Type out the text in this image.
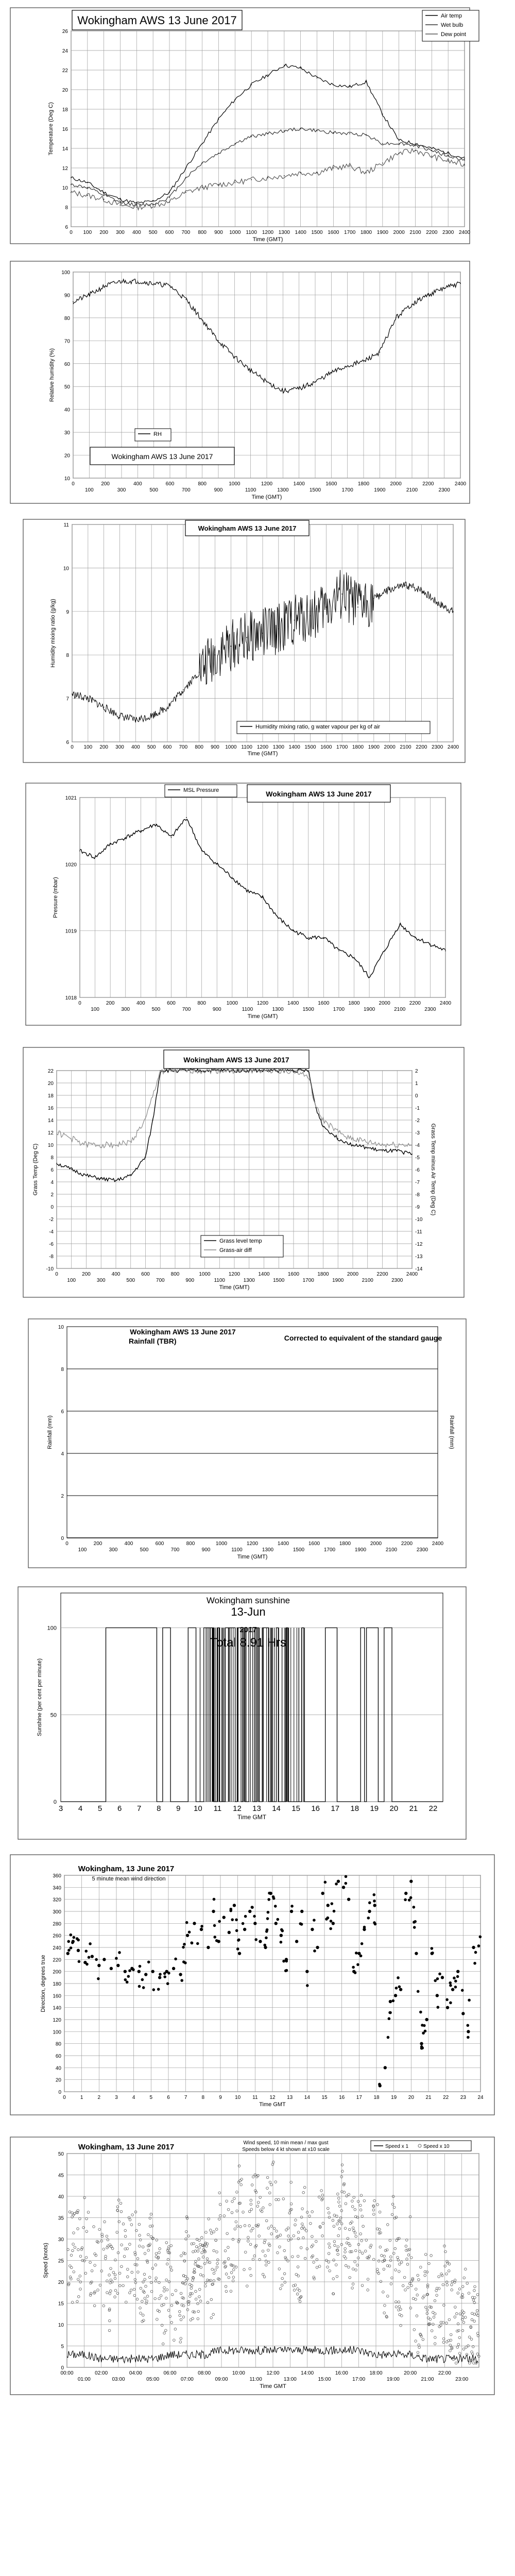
6
8
10
12
14
16
18
20
22
24
26
0 100 200 300 400 500 600 700 800 900 1000 1100 1200 1300 1400 1500 1600 1700 1800 1900 2000 2100 2200 2300 2400
Time (GMT)
Temperature (Deg C)
Wokingham AWS 13 June 2017	Air temp
Wet bulb
Dew point
10
20
30
40
50
60
70
80
90
100
0	200	400	600	800	1000	1200	1400	1600	1800	2000	2200	2400
100	300	500	700	900	1100	1300	1500	1700	1900	2100	2300
Time (GMT)
Relative humidity (%)
RH
Wokingham AWS 13 June 2017
6
7
8
9
10
11
0 100 200 300 400 500 600 700 800 900 1000 1100 1200 1300 1400 1500 1600 1700 1800 1900 2000 2100 2200 2300 2400
Time (GMT)
Humidity mixing ratio (g/kg)
Wokingham AWS 13 June 2017
Humidity mixing ratio, g water vapour per kg of air
1018
1019
1020
1021
0	200	400	600	800	1000	1200	1400	1600	1800	2000	2200	2400
100	300	500	700	900	1100	1300	1500	1700	1900	2100	2300
Time (GMT)
Pressure (mbar)
MSL Pressure	Wokingham AWS 13 June 2017
-10
-8
-6
-4
-2
0
2
4
6
8
10
12
14
16
18
20
22
-14
-13
-12
-11
-10
-9
-8
-7
-6
-5
-4
-3
-2
-1
0
1
2
0	200	400	600	800	1000	1200	1400	1600	1800	2000	2200	2400
100	300	500	700	900	1100	1300	1500	1700	1900	2100	2300
Time (GMT)
Grass Temp (Deg C)	Grass Temp minus Air Temp (Deg C)
Grass level temp
Grass-air diff
Wokingham AWS 13 June 2017
0
2
4
6
8
10
0	200	400	600	800	1000	1200	1400	1600	1800	2000	2200	2400
100	300	500	700	900	1100	1300	1500	1700	1900	2100	2300
Time (GMT)
Rainfall (mm)	Rainfall (mm)
Wokingham AWS 13 June 2017
Rainfall (TBR)	Corrected to equivalent of the standard gauge
0
50
100
3 4 5 6 7 8 9 10 11 12 13 14 15 16 17 18 19 20 21 22
Time GMT
Sunshine (per cent per minute)
Wokingham sunshine
13-Jun
2017
Total 8.91 Hrs
0
20
40
60
80
100
120
140
160
180
200
220
240
260
280
300
320
340
360
0	1	2	3	4	5	6	7	8	9	10 11 12 13 14 15 16 17 18 19 20 21 22 23 24
Time GMT
Direction, degrees true
Wokingham, 13 June 2017
5 minute mean wind direction
0
5
10
15
20
25
30
35
40
45
50
00:00	02:00	04:00	06:00	08:00	10:00	12:00	14:00	16:00	18:00	20:00	22:00
01:00	03:00	05:00	07:00	09:00	11:00	13:00	15:00	17:00	19:00	21:00	23:00
Time GMT
Speed (knots)
Wokingham, 13 June 2017	Wind speed, 10 min mean / max gust
Speeds below 4 kt shown at x10 scale
Speed x 1	Speed x 10
